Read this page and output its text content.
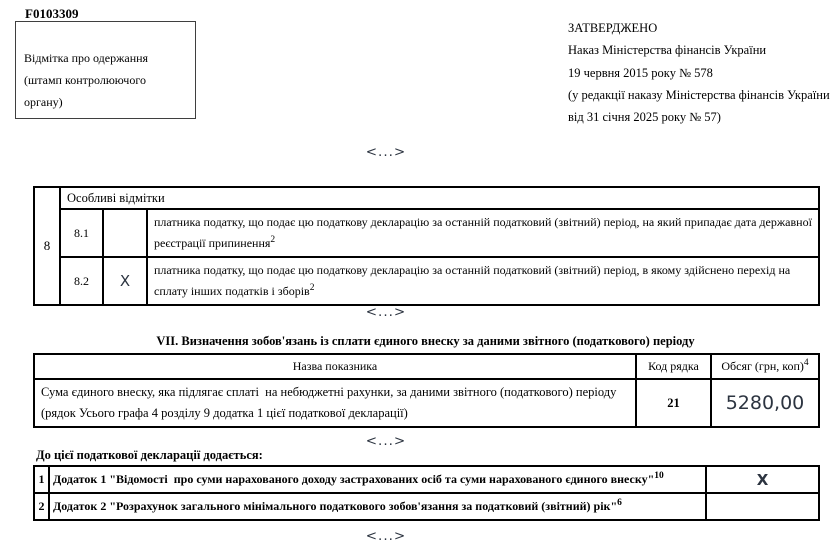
F0103309
Відмітка про одержання
(штамп контролюючого органу)
ЗАТВЕРДЖЕНО
Наказ Міністерства фінансів України
19 червня 2015 року № 578
(у редакції наказу Міністерства фінансів України
від 31 січня 2025 року № 57)
<...>
8	Особливі відмітки		
	8.1		платника податку, що подає цю податкову декларацію за останній податковий (звітний) період, на який припадає дата державної реєстрації припинення$^2$
	8.2	X	платника податку, що подає цю податкову декларацію за останній податковий (звітний) період, в якому здійснено перехід на сплату інших податків і зборів$^2$
<...>
VII. Визначення зобов'язань із сплати єдиного внеску за даними звітного (податкового) періоду
Назва показника	Код рядка	Обсяг (грн, коп)$^4$

Сума єдиного внеску, яка підлягає сплаті  на небюджетні рахунки, за даними звітного (податкового) періоду
(рядок Усього графа 4 розділу 9 додатка 1 цієї податкової декларації)	21	5280,00
<...>
До цієї податкової декларації додається:
1	Додаток 1 "Відомості  про суми нарахованого доходу застрахованих осіб та суми нарахованого єдиного внеску"$^{10}$	X
2	Додаток 2 "Розрахунок загального мінімального податкового зобов'язання за податковий (звітний) рік"$^6$	
<...>
